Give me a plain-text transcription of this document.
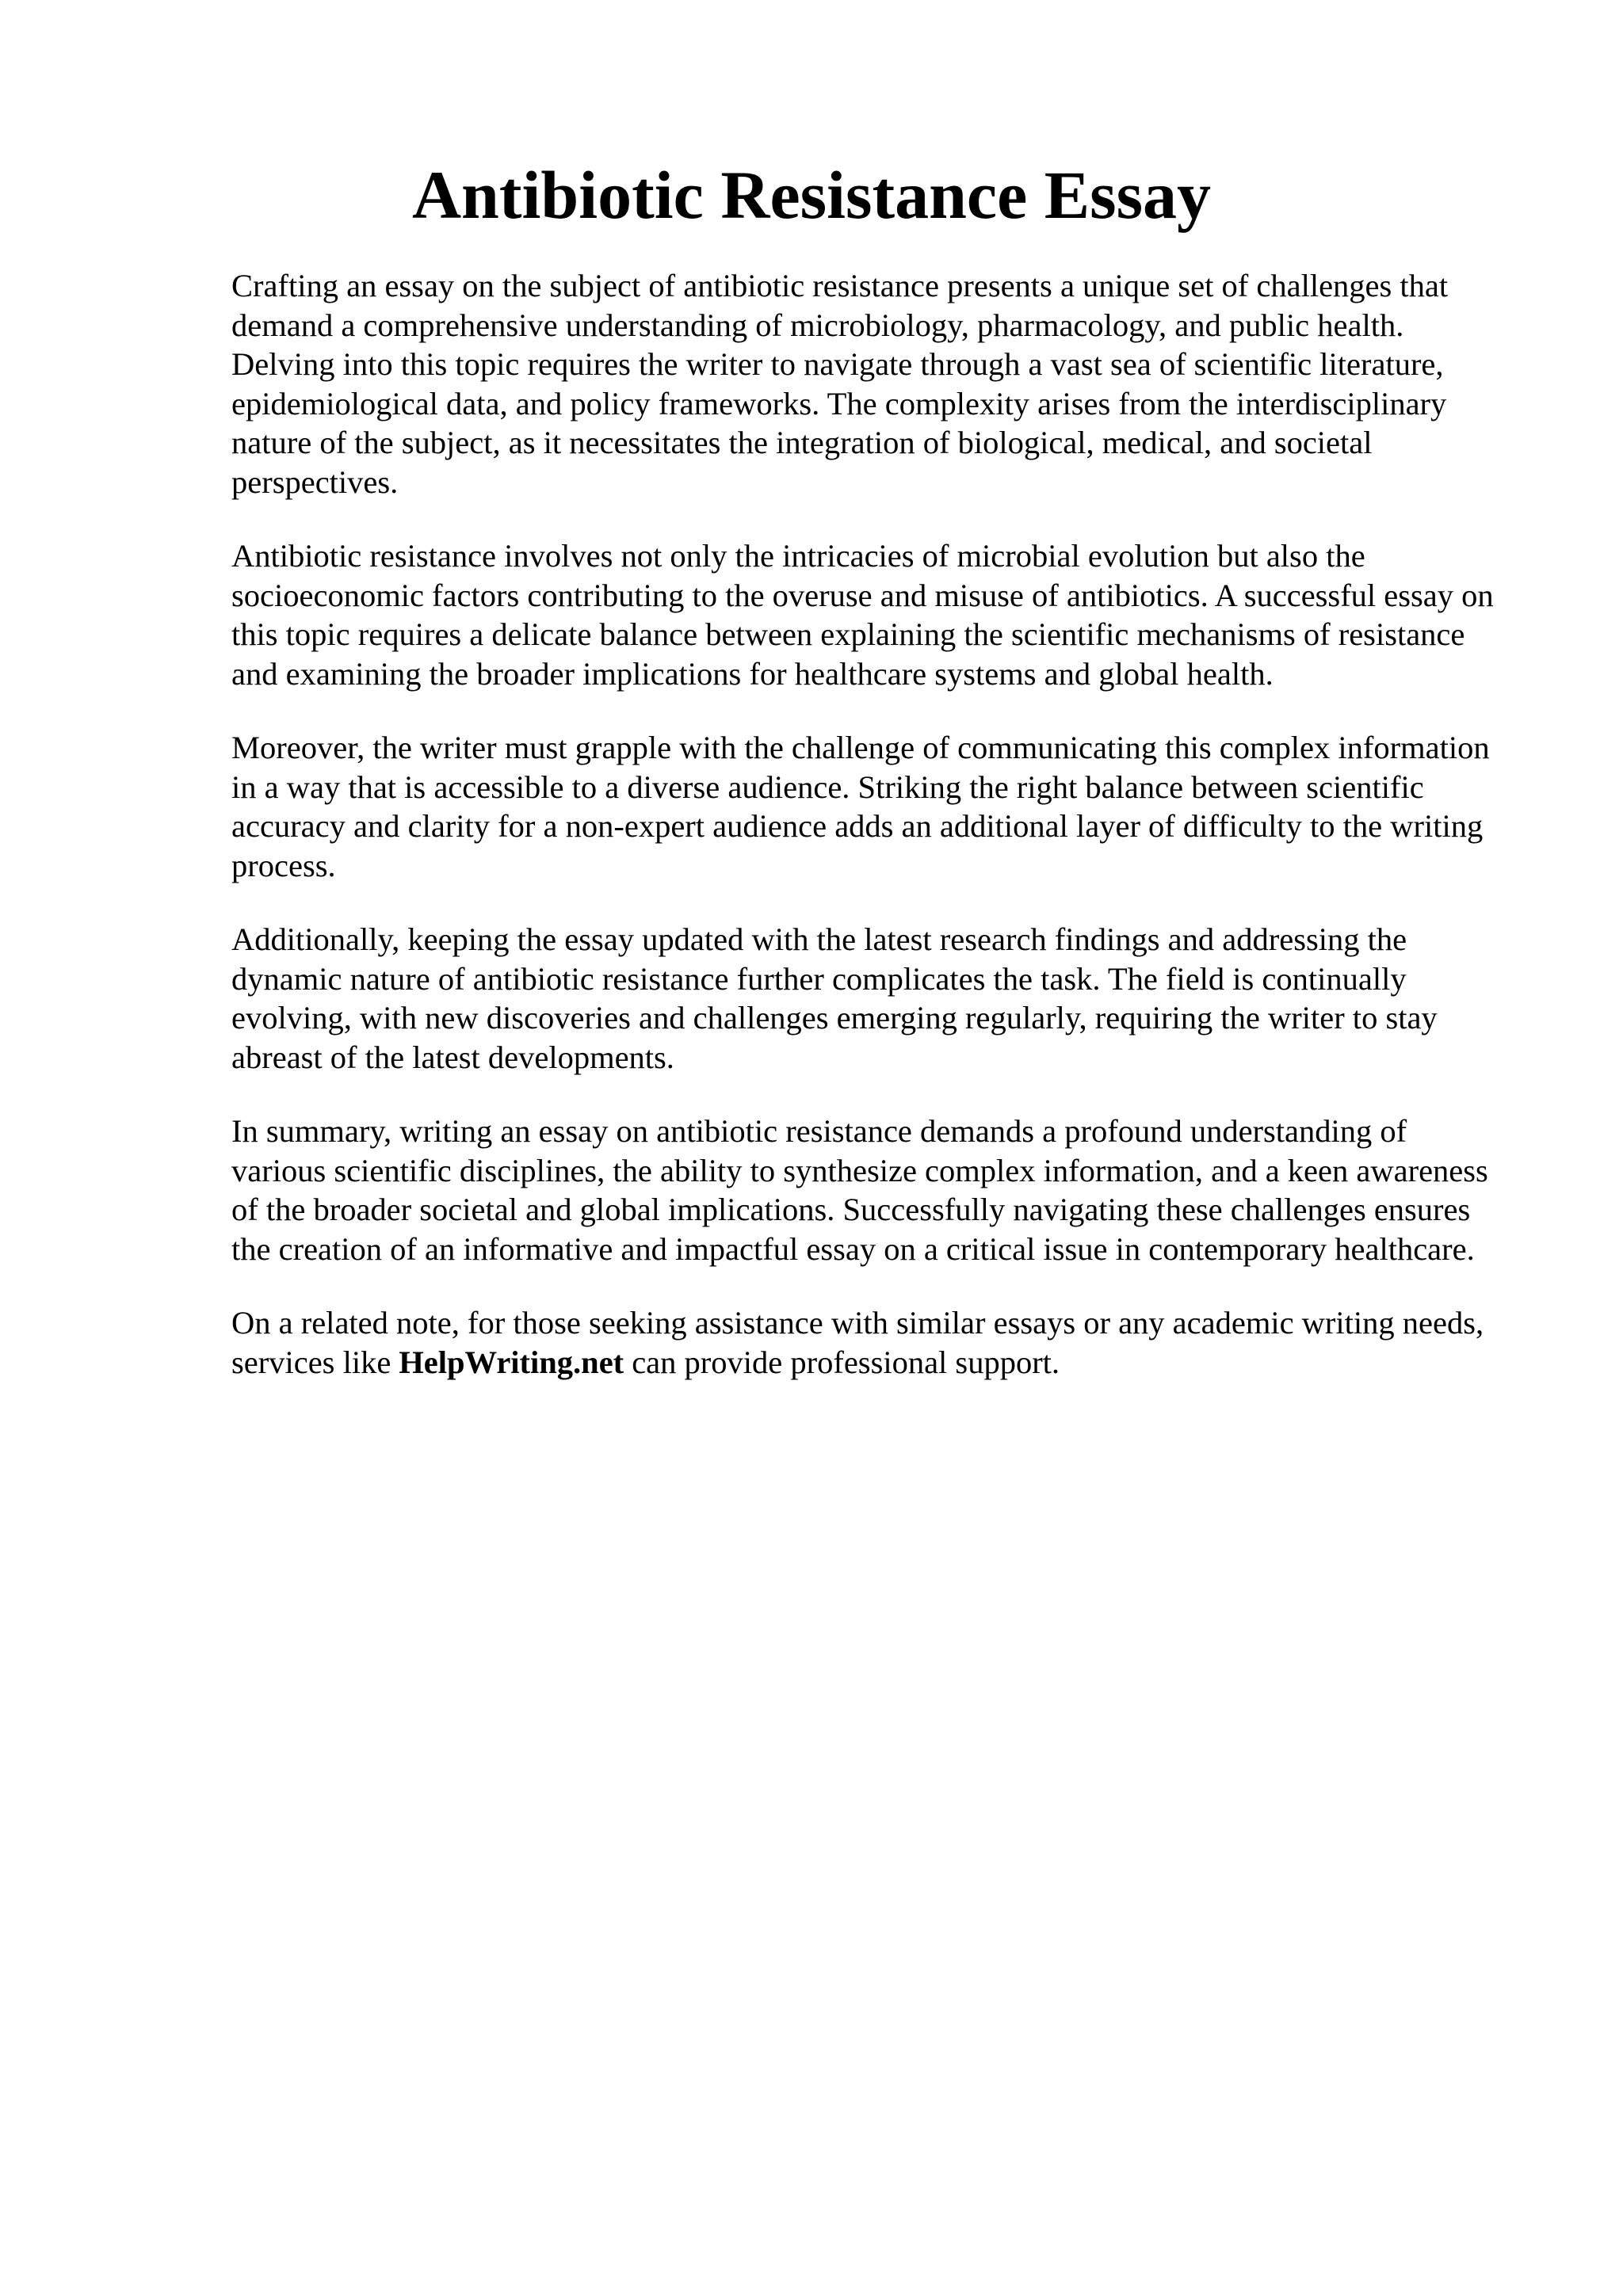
Antibiotic Resistance Essay

Crafting an essay on the subject of antibiotic resistance presents a unique set of challenges that demand a comprehensive understanding of microbiology, pharmacology, and public health. Delving into this topic requires the writer to navigate through a vast sea of scientific literature, epidemiological data, and policy frameworks. The complexity arises from the interdisciplinary nature of the subject, as it necessitates the integration of biological, medical, and societal perspectives.

Antibiotic resistance involves not only the intricacies of microbial evolution but also the socioeconomic factors contributing to the overuse and misuse of antibiotics. A successful essay on this topic requires a delicate balance between explaining the scientific mechanisms of resistance and examining the broader implications for healthcare systems and global health.

Moreover, the writer must grapple with the challenge of communicating this complex information in a way that is accessible to a diverse audience. Striking the right balance between scientific accuracy and clarity for a non-expert audience adds an additional layer of difficulty to the writing process.

Additionally, keeping the essay updated with the latest research findings and addressing the dynamic nature of antibiotic resistance further complicates the task. The field is continually evolving, with new discoveries and challenges emerging regularly, requiring the writer to stay abreast of the latest developments.

In summary, writing an essay on antibiotic resistance demands a profound understanding of various scientific disciplines, the ability to synthesize complex information, and a keen awareness of the broader societal and global implications. Successfully navigating these challenges ensures the creation of an informative and impactful essay on a critical issue in contemporary healthcare.

On a related note, for those seeking assistance with similar essays or any academic writing needs, services like HelpWriting.net can provide professional support.
